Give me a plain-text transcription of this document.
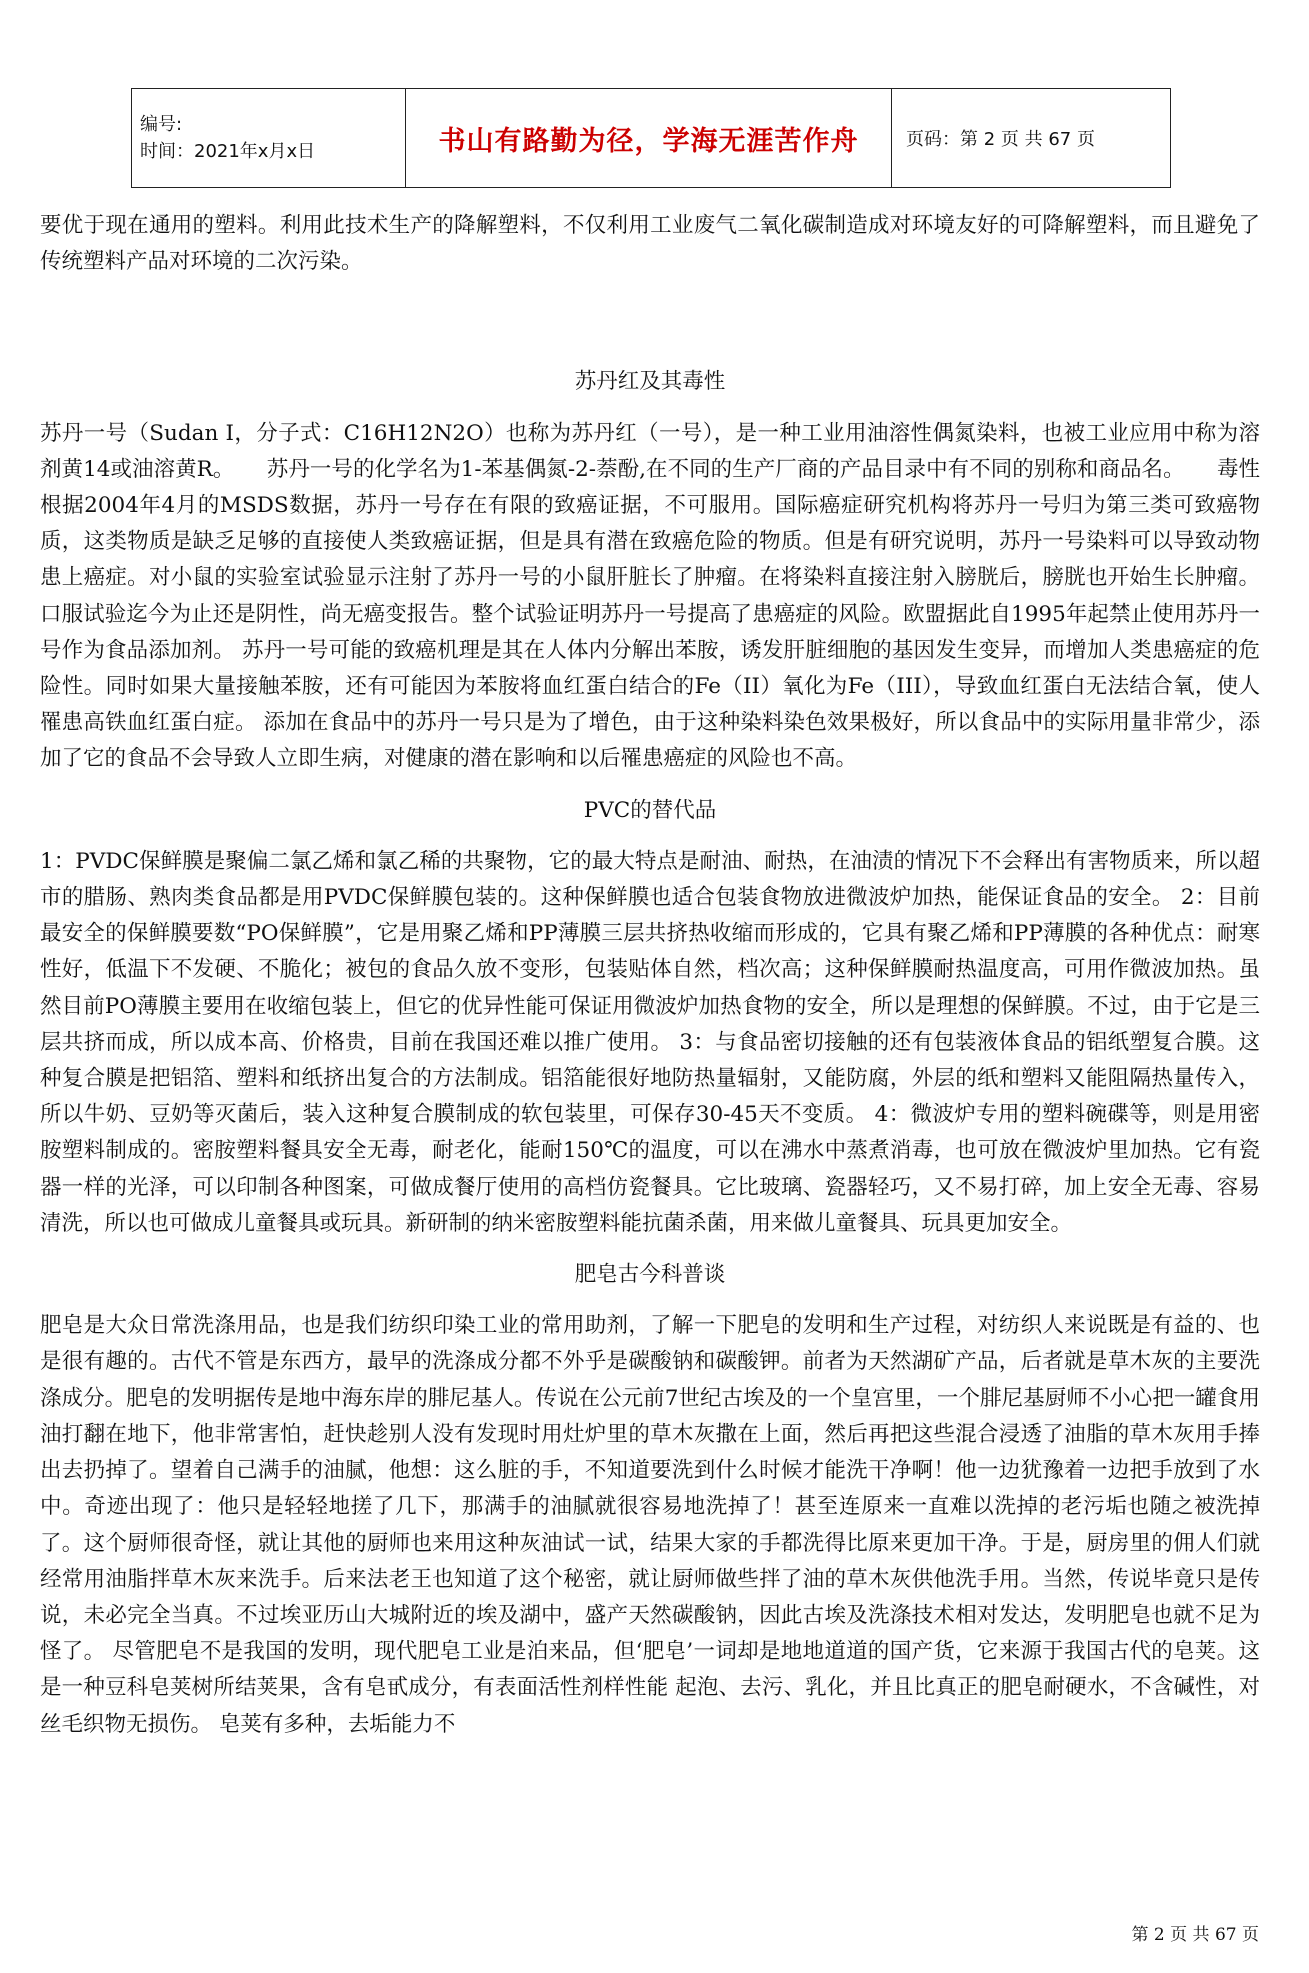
编号:
时间：2021年x月x日	书山有路勤为径，学海无涯苦作舟	页码：第 2 页 共 67 页

要优于现在通用的塑料。利用此技术生产的降解塑料，不仅利用工业废气二氧化碳制造成对环境友好的可降解塑料，而且避免了传统塑料产品对环境的二次污染。

苏丹红及其毒性

苏丹一号（Sudan I，分子式：C16H12N2O）也称为苏丹红（一号），是一种工业用油溶性偶氮染料，也被工业应用中称为溶剂黄14或油溶黄R。　　苏丹一号的化学名为1-苯基偶氮-2-萘酚,在不同的生产厂商的产品目录中有不同的别称和商品名。　　毒性　根据2004年4月的MSDS数据，苏丹一号存在有限的致癌证据，不可服用。国际癌症研究机构将苏丹一号归为第三类可致癌物质，这类物质是缺乏足够的直接使人类致癌证据，但是具有潜在致癌危险的物质。但是有研究说明，苏丹一号染料可以导致动物患上癌症。对小鼠的实验室试验显示注射了苏丹一号的小鼠肝脏长了肿瘤。在将染料直接注射入膀胱后，膀胱也开始生长肿瘤。口服试验迄今为止还是阴性，尚无癌变报告。整个试验证明苏丹一号提高了患癌症的风险。欧盟据此自1995年起禁止使用苏丹一号作为食品添加剂。 苏丹一号可能的致癌机理是其在人体内分解出苯胺，诱发肝脏细胞的基因发生变异，而增加人类患癌症的危险性。同时如果大量接触苯胺，还有可能因为苯胺将血红蛋白结合的Fe（II）氧化为Fe（III），导致血红蛋白无法结合氧，使人罹患高铁血红蛋白症。 添加在食品中的苏丹一号只是为了增色，由于这种染料染色效果极好，所以食品中的实际用量非常少，添加了它的食品不会导致人立即生病，对健康的潜在影响和以后罹患癌症的风险也不高。

PVC的替代品

1：PVDC保鲜膜是聚偏二氯乙烯和氯乙稀的共聚物，它的最大特点是耐油、耐热，在油渍的情况下不会释出有害物质来，所以超市的腊肠、熟肉类食品都是用PVDC保鲜膜包装的。这种保鲜膜也适合包装食物放进微波炉加热，能保证食品的安全。 2：目前最安全的保鲜膜要数“PO保鲜膜”，它是用聚乙烯和PP薄膜三层共挤热收缩而形成的，它具有聚乙烯和PP薄膜的各种优点：耐寒性好，低温下不发硬、不脆化；被包的食品久放不变形，包装贴体自然，档次高；这种保鲜膜耐热温度高，可用作微波加热。虽然目前PO薄膜主要用在收缩包装上，但它的优异性能可保证用微波炉加热食物的安全，所以是理想的保鲜膜。不过，由于它是三层共挤而成，所以成本高、价格贵，目前在我国还难以推广使用。 3：与食品密切接触的还有包装液体食品的铝纸塑复合膜。这种复合膜是把铝箔、塑料和纸挤出复合的方法制成。铝箔能很好地防热量辐射，又能防腐，外层的纸和塑料又能阻隔热量传入，所以牛奶、豆奶等灭菌后，装入这种复合膜制成的软包装里，可保存30-45天不变质。 4：微波炉专用的塑料碗碟等，则是用密胺塑料制成的。密胺塑料餐具安全无毒，耐老化，能耐150℃的温度，可以在沸水中蒸煮消毒，也可放在微波炉里加热。它有瓷器一样的光泽，可以印制各种图案，可做成餐厅使用的高档仿瓷餐具。它比玻璃、瓷器轻巧，又不易打碎，加上安全无毒、容易清洗，所以也可做成儿童餐具或玩具。新研制的纳米密胺塑料能抗菌杀菌，用来做儿童餐具、玩具更加安全。

肥皂古今科普谈

肥皂是大众日常洗涤用品，也是我们纺织印染工业的常用助剂，了解一下肥皂的发明和生产过程，对纺织人来说既是有益的、也是很有趣的。古代不管是东西方，最早的洗涤成分都不外乎是碳酸钠和碳酸钾。前者为天然湖矿产品，后者就是草木灰的主要洗涤成分。肥皂的发明据传是地中海东岸的腓尼基人。传说在公元前7世纪古埃及的一个皇宫里，一个腓尼基厨师不小心把一罐食用油打翻在地下，他非常害怕，赶快趁别人没有发现时用灶炉里的草木灰撒在上面，然后再把这些混合浸透了油脂的草木灰用手捧出去扔掉了。望着自己满手的油腻，他想：这么脏的手，不知道要洗到什么时候才能洗干净啊！他一边犹豫着一边把手放到了水中。奇迹出现了：他只是轻轻地搓了几下，那满手的油腻就很容易地洗掉了！甚至连原来一直难以洗掉的老污垢也随之被洗掉了。这个厨师很奇怪，就让其他的厨师也来用这种灰油试一试，结果大家的手都洗得比原来更加干净。于是，厨房里的佣人们就经常用油脂拌草木灰来洗手。后来法老王也知道了这个秘密，就让厨师做些拌了油的草木灰供他洗手用。当然，传说毕竟只是传说，未必完全当真。不过埃亚历山大城附近的埃及湖中，盛产天然碳酸钠，因此古埃及洗涤技术相对发达，发明肥皂也就不足为怪了。 尽管肥皂不是我国的发明，现代肥皂工业是泊来品，但‘肥皂’一词却是地地道道的国产货，它来源于我国古代的皂荚。这是一种豆科皂荚树所结荚果，含有皂甙成分，有表面活性剂样性能 起泡、去污、乳化，并且比真正的肥皂耐硬水，不含碱性，对丝毛织物无损伤。 皂荚有多种，去垢能力不

第 2 页 共 67 页
